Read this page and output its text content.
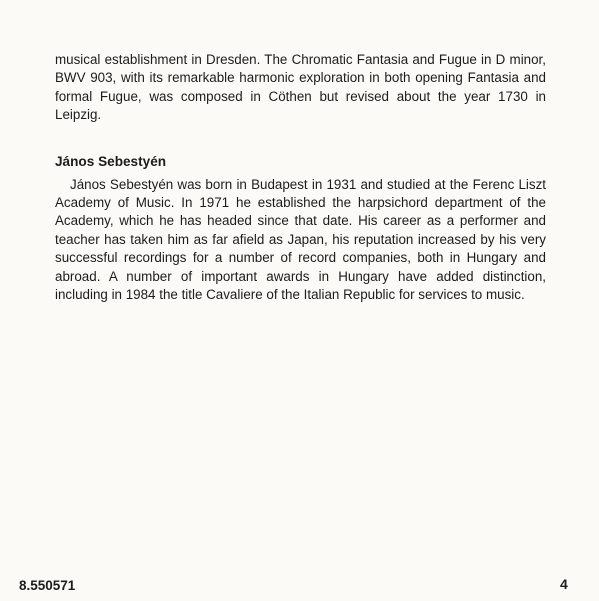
musical establishment in Dresden. The Chromatic Fantasia and Fugue in D minor, BWV 903, with its remarkable harmonic exploration in both opening Fantasia and formal Fugue, was composed in Cöthen but revised about the year 1730 in Leipzig.

János Sebestyén

János Sebestyén was born in Budapest in 1931 and studied at the Ferenc Liszt Academy of Music. In 1971 he established the harpsichord department of the Academy, which he has headed since that date. His career as a performer and teacher has taken him as far afield as Japan, his reputation increased by his very successful recordings for a number of record companies, both in Hungary and abroad. A number of important awards in Hungary have added distinction, including in 1984 the title Cavaliere of the Italian Republic for services to music.

8.550571	4
